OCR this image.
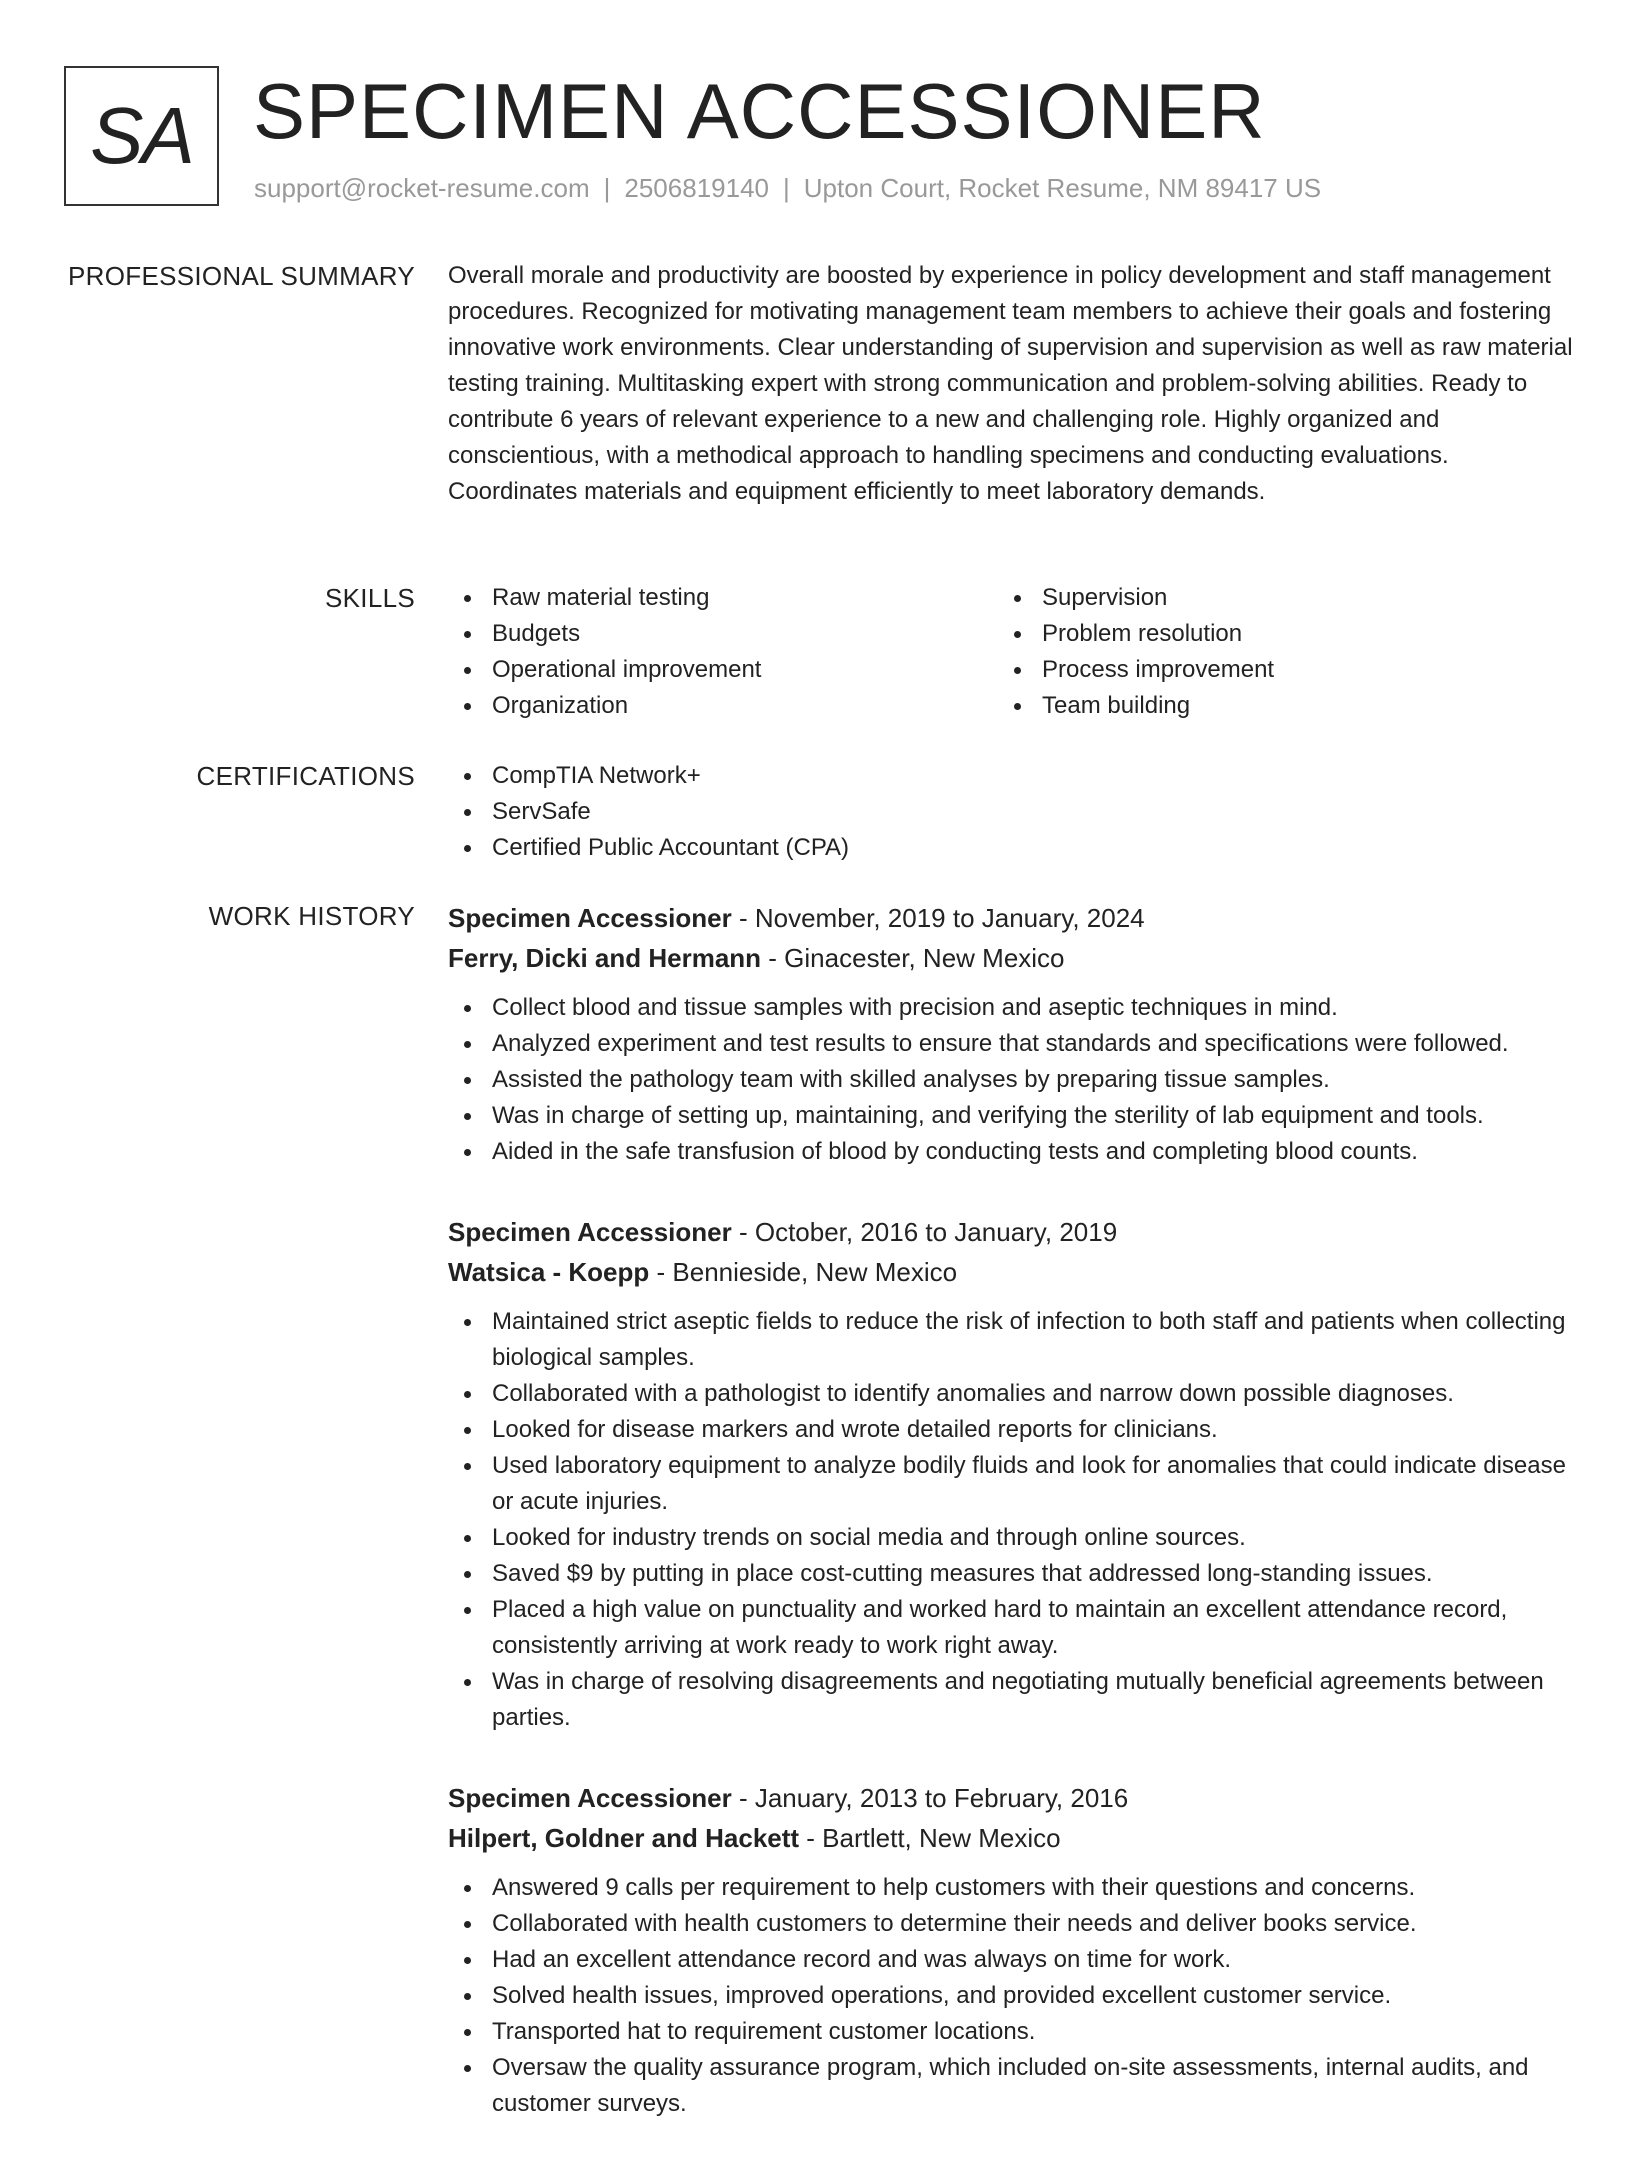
SA SPECIMEN ACCESSIONER
support@rocket-resume.com | 2506819140 | Upton Court, Rocket Resume, NM 89417 US
PROFESSIONAL SUMMARY Overall morale and productivity are boosted by experience in policy development and staff management procedures. Recognized for motivating management team members to achieve their goals and fostering innovative work environments. Clear understanding of supervision and supervision as well as raw material testing training. Multitasking expert with strong communication and problem-solving abilities. Ready to contribute 6 years of relevant experience to a new and challenging role. Highly organized and conscientious, with a methodical approach to handling specimens and conducting evaluations. Coordinates materials and equipment efficiently to meet laboratory demands.

SKILLS	Raw material testing
Budgets
Operational improvement
Organization
Supervision
Problem resolution
Process improvement
Team building
CERTIFICATIONS	CompTIA Network+
ServSafe
Certified Public Accountant (CPA)
WORK HISTORY Specimen Accessioner - November, 2019 to January, 2024
Ferry, Dicki and Hermann - Ginacester, New Mexico
Collect blood and tissue samples with precision and aseptic techniques in mind.
Analyzed experiment and test results to ensure that standards and specifications were followed.
Assisted the pathology team with skilled analyses by preparing tissue samples.
Was in charge of setting up, maintaining, and verifying the sterility of lab equipment and tools.
Aided in the safe transfusion of blood by conducting tests and completing blood counts.
Specimen Accessioner - October, 2016 to January, 2019
Watsica - Koepp - Bennieside, New Mexico
Maintained strict aseptic fields to reduce the risk of infection to both staff and patients when collecting biological samples.
Collaborated with a pathologist to identify anomalies and narrow down possible diagnoses.
Looked for disease markers and wrote detailed reports for clinicians.
Used laboratory equipment to analyze bodily fluids and look for anomalies that could indicate disease or acute injuries.
Looked for industry trends on social media and through online sources.
Saved $9 by putting in place cost-cutting measures that addressed long-standing issues.
Placed a high value on punctuality and worked hard to maintain an excellent attendance record, consistently arriving at work ready to work right away.
Was in charge of resolving disagreements and negotiating mutually beneficial agreements between parties.
Specimen Accessioner - January, 2013 to February, 2016
Hilpert, Goldner and Hackett - Bartlett, New Mexico
Answered 9 calls per requirement to help customers with their questions and concerns.
Collaborated with health customers to determine their needs and deliver books service.
Had an excellent attendance record and was always on time for work.
Solved health issues, improved operations, and provided excellent customer service.
Transported hat to requirement customer locations.
Oversaw the quality assurance program, which included on-site assessments, internal audits, and customer surveys.
